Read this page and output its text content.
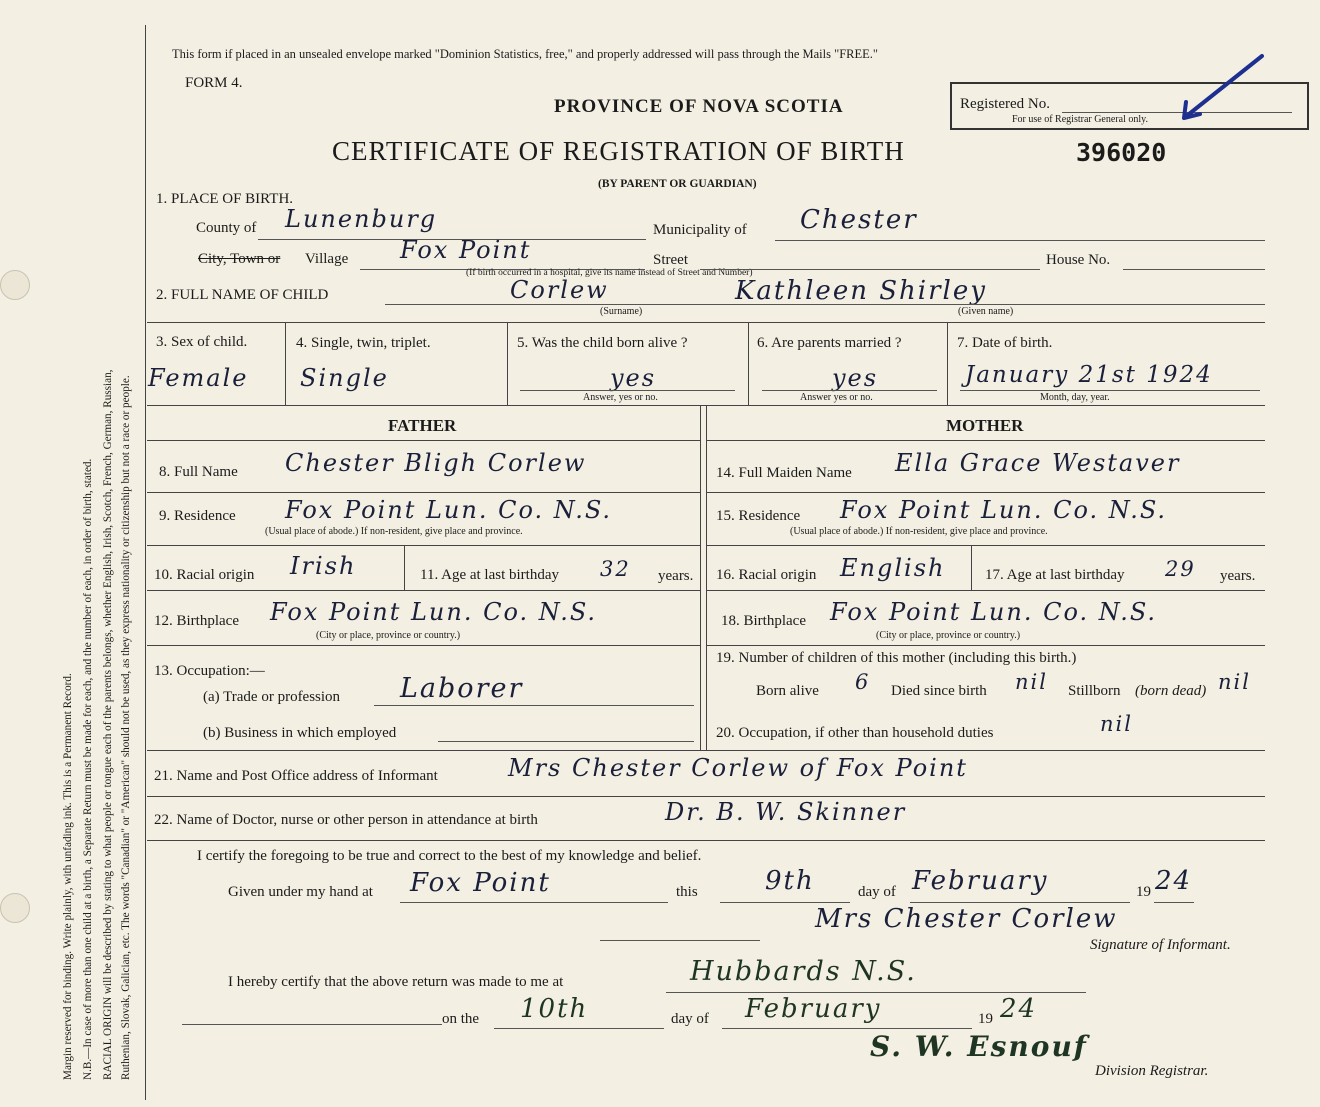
Margin reserved for binding. Write plainly, with unfading ink. This is a Permanent Record. N.B.—In case of more than one child at a birth, a Separate Return must be made for each, and the number of each, in order of birth, stated. RACIAL ORIGIN will be described by stating to what people or tongue each of the parents belongs, whether English, Irish, Scotch, French, German, Russian, Ruthenian, Slovak, Galician, etc. The words "Canadian" or "American" should not be used, as they express nationality or citizenship but not a race or people.
This form if placed in an unsealed envelope marked "Dominion Statistics, free," and properly addressed will pass through the Mails "FREE."
FORM 4.
PROVINCE OF NOVA SCOTIA	Registered No.
For use of Registrar General only.
CERTIFICATE OF REGISTRATION OF BIRTH	396020
(BY PARENT OR GUARDIAN)
1. PLACE OF BIRTH.
County of Lunenburg	Municipality of Chester
City, Town or Village Fox Point	Street
(If birth occurred in a hospital, give its name instead of Street and Number)
House No.
2. FULL NAME OF CHILD	Corlew	Kathleen Shirley
(Surname)	(Given name)
3. Sex of child.
Female
4. Single, twin, triplet.
Single
5. Was the child born alive ?
yes
Answer, yes or no.
6. Are parents married ?
yes
Answer yes or no.
7. Date of birth.
January 21st 1924
Month, day, year.
FATHER	MOTHER
8. Full Name Chester Bligh Corlew
9. Residence Fox Point Lun. Co. N.S.
(Usual place of abode.) If non-resident, give place and province.
10. Racial origin Irish	11. Age at last birthday 32 years.
12. Birthplace Fox Point Lun. Co. N.S.
(City or place, province or country.)
13. Occupation:—
(a) Trade or profession Laborer
(b) Business in which employed
14. Full Maiden Name Ella Grace Westaver
15. Residence Fox Point Lun. Co. N.S.
(Usual place of abode.) If non-resident, give place and province.
16. Racial origin English	17. Age at last birthday 29 years.
18. Birthplace Fox Point Lun. Co. N.S.
(City or place, province or country.)
19. Number of children of this mother (including this birth.)
Born alive 6 Died since birth nil Stillborn (born dead) nil
20. Occupation, if other than household duties	nil
21. Name and Post Office address of Informant	Mrs Chester Corlew of Fox Point
22. Name of Doctor, nurse or other person in attendance at birth	Dr. B. W. Skinner
I certify the foregoing to be true and correct to the best of my knowledge and belief.
Given under my hand at Fox Point	this	9th	day of February	19 24
Mrs Chester Corlew
Signature of Informant.
I hereby certify that the above return was made to me at	Hubbards N.S.
on the 10th	day of February	19 24
S. W. Esnouf
Division Registrar.
